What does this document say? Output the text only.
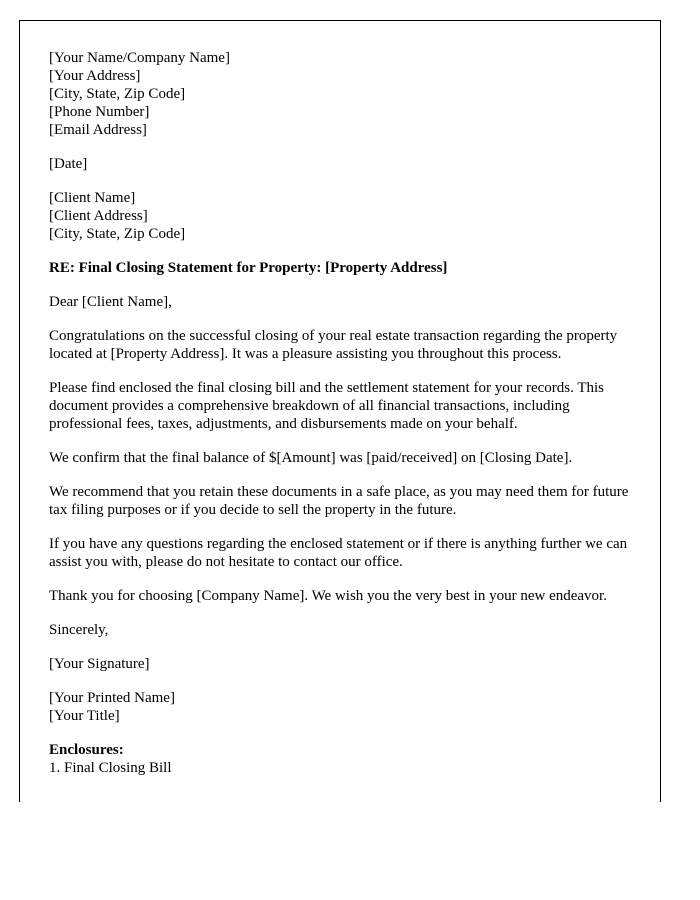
[Your Name/Company Name]
[Your Address]
[City, State, Zip Code]
[Phone Number]
[Email Address]
[Date]
[Client Name]
[Client Address]
[City, State, Zip Code]
RE: Final Closing Statement for Property: [Property Address]
Dear [Client Name],

Congratulations on the successful closing of your real estate transaction regarding the property located at [Property Address]. It was a pleasure assisting you throughout this process.

Please find enclosed the final closing bill and the settlement statement for your records. This document provides a comprehensive breakdown of all financial transactions, including professional fees, taxes, adjustments, and disbursements made on your behalf.

We confirm that the final balance of $[Amount] was [paid/received] on [Closing Date].

We recommend that you retain these documents in a safe place, as you may need them for future tax filing purposes or if you decide to sell the property in the future.

If you have any questions regarding the enclosed statement or if there is anything further we can assist you with, please do not hesitate to contact our office.

Thank you for choosing [Company Name]. We wish you the very best in your new endeavor.

Sincerely,
[Your Signature]
[Your Printed Name]
[Your Title]
Enclosures:
1. Final Closing Bill
